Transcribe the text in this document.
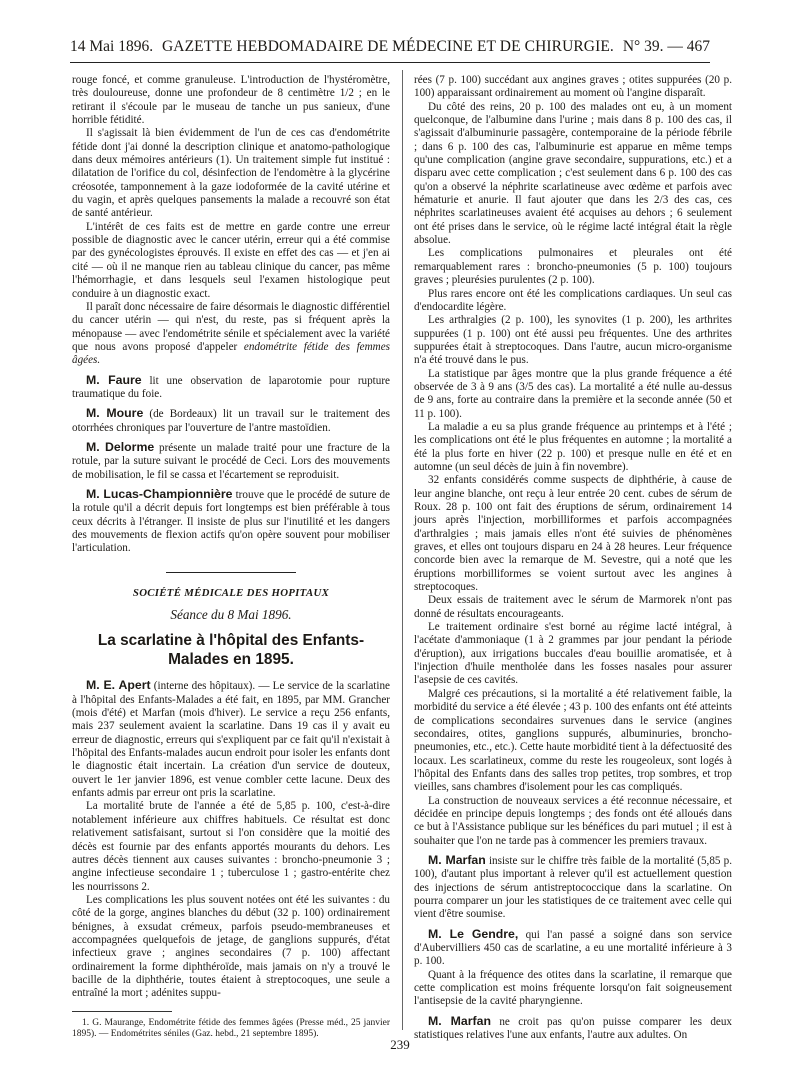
14 Mai 1896. GAZETTE HEBDOMADAIRE DE MÉDECINE ET DE CHIRURGIE. N° 39. — 467

rouge foncé, et comme granuleuse. L'introduction de l'hystéromètre, très douloureuse, donne une profondeur de 8 centimètre 1/2 ; en le retirant il s'écoule par le museau de tanche un pus sanieux, d'une horrible fétidité.

Il s'agissait là bien évidemment de l'un de ces cas d'endométrite fétide dont j'ai donné la description clinique et anatomo-pathologique dans deux mémoires antérieurs (1). Un traitement simple fut institué : dilatation de l'orifice du col, désinfection de l'endomètre à la glycérine créosotée, tamponnement à la gaze iodoformée de la cavité utérine et du vagin, et après quelques pansements la malade a recouvré son état de santé antérieur.

L'intérêt de ces faits est de mettre en garde contre une erreur possible de diagnostic avec le cancer utérin, erreur qui a été commise par des gynécologistes éprouvés. Il existe en effet des cas — et j'en ai cité — où il ne manque rien au tableau clinique du cancer, pas même l'hémorrhagie, et dans lesquels seul l'examen histologique peut conduire à un diagnostic exact.

Il paraît donc nécessaire de faire désormais le diagnostic différentiel du cancer utérin — qui n'est, du reste, pas si fréquent après la ménopause — avec l'endométrite sénile et spécialement avec la variété que nous avons proposé d'appeler endométrite fétide des femmes âgées.

M. Faure lit une observation de laparotomie pour rupture traumatique du foie.

M. Moure (de Bordeaux) lit un travail sur le traitement des otorrhées chroniques par l'ouverture de l'antre mastoïdien.

M. Delorme présente un malade traité pour une fracture de la rotule, par la suture suivant le procédé de Ceci. Lors des mouvements de mobilisation, le fil se cassa et l'écartement se reproduisit.

M. Lucas-Championnière trouve que le procédé de suture de la rotule qu'il a décrit depuis fort longtemps est bien préférable à tous ceux décrits à l'étranger. Il insiste de plus sur l'inutilité et les dangers des mouvements de flexion actifs qu'on opère souvent pour mobiliser l'articulation.

SOCIÉTÉ MÉDICALE DES HOPITAUX

Séance du 8 Mai 1896.

La scarlatine à l'hôpital des Enfants-Malades en 1895.

M. E. Apert (interne des hôpitaux). — Le service de la scarlatine à l'hôpital des Enfants-Malades a été fait, en 1895, par MM. Grancher (mois d'été) et Marfan (mois d'hiver). Le service a reçu 256 enfants, mais 237 seulement avaient la scarlatine. Dans 19 cas il y avait eu erreur de diagnostic, erreurs qui s'expliquent par ce fait qu'il n'existait à l'hôpital des Enfants-malades aucun endroit pour isoler les enfants dont le diagnostic était incertain. La création d'un service de douteux, ouvert le 1er janvier 1896, est venue combler cette lacune. Deux des enfants admis par erreur ont pris la scarlatine.

La mortalité brute de l'année a été de 5,85 p. 100, c'est-à-dire notablement inférieure aux chiffres habituels. Ce résultat est donc relativement satisfaisant, surtout si l'on considère que la moitié des décès est fournie par des enfants apportés mourants du dehors. Les autres décès tiennent aux causes suivantes : broncho-pneumonie 3 ; angine infectieuse secondaire 1 ; tuberculose 1 ; gastro-entérite chez les nourrissons 2.

Les complications les plus souvent notées ont été les suivantes : du côté de la gorge, angines blanches du début (32 p. 100) ordinairement bénignes, à exsudat crémeux, parfois pseudo-membraneuses et accompagnées quelquefois de jetage, de ganglions suppurés, d'état infectieux grave ; angines secondaires (7 p. 100) affectant ordinairement la forme diphthéroïde, mais jamais on n'y a trouvé le bacille de la diphthérie, toutes étaient à streptocoques, une seule a entraîné la mort ; adénites suppu-

1. G. Maurange, Endométrite fétide des femmes âgées (Presse méd., 25 janvier 1895). — Endométrites séniles (Gaz. hebd., 21 septembre 1895).

rées (7 p. 100) succédant aux angines graves ; otites suppurées (20 p. 100) apparaissant ordinairement au moment où l'angine disparaît.

Du côté des reins, 20 p. 100 des malades ont eu, à un moment quelconque, de l'albumine dans l'urine ; mais dans 8 p. 100 des cas, il s'agissait d'albuminurie passagère, contemporaine de la période fébrile ; dans 6 p. 100 des cas, l'albuminurie est apparue en même temps qu'une complication (angine grave secondaire, suppurations, etc.) et a disparu avec cette complication ; c'est seulement dans 6 p. 100 des cas qu'on a observé la néphrite scarlatineuse avec œdème et parfois avec hématurie et anurie. Il faut ajouter que dans les 2/3 des cas, ces néphrites scarlatineuses avaient été acquises au dehors ; 6 seulement ont été prises dans le service, où le régime lacté intégral était la règle absolue.

Les complications pulmonaires et pleurales ont été remarquablement rares : broncho-pneumonies (5 p. 100) toujours graves ; pleurésies purulentes (2 p. 100).

Plus rares encore ont été les complications cardiaques. Un seul cas d'endocardite légère.

Les arthralgies (2 p. 100), les synovites (1 p. 200), les arthrites suppurées (1 p. 100) ont été aussi peu fréquentes. Une des arthrites suppurées était à streptocoques. Dans l'autre, aucun micro-organisme n'a été trouvé dans le pus.

La statistique par âges montre que la plus grande fréquence a été observée de 3 à 9 ans (3/5 des cas). La mortalité a été nulle au-dessus de 9 ans, forte au contraire dans la première et la seconde année (50 et 11 p. 100).

La maladie a eu sa plus grande fréquence au printemps et à l'été ; les complications ont été le plus fréquentes en automne ; la mortalité a été la plus forte en hiver (22 p. 100) et presque nulle en été et en automne (un seul décès de juin à fin novembre).

32 enfants considérés comme suspects de diphthérie, à cause de leur angine blanche, ont reçu à leur entrée 20 cent. cubes de sérum de Roux. 28 p. 100 ont fait des éruptions de sérum, ordinairement 14 jours après l'injection, morbilliformes et parfois accompagnées d'arthralgies ; mais jamais elles n'ont été suivies de phénomènes graves, et elles ont toujours disparu en 24 à 28 heures. Leur fréquence concorde bien avec la remarque de M. Sevestre, qui a noté que les éruptions morbilliformes se voient surtout avec les angines à streptocoques.

Deux essais de traitement avec le sérum de Marmorek n'ont pas donné de résultats encourageants.

Le traitement ordinaire s'est borné au régime lacté intégral, à l'acétate d'ammoniaque (1 à 2 grammes par jour pendant la période d'éruption), aux irrigations buccales d'eau bouillie aromatisée, et à l'injection d'huile mentholée dans les fosses nasales pour assurer l'asepsie de ces cavités.

Malgré ces précautions, si la mortalité a été relativement faible, la morbidité du service a été élevée ; 43 p. 100 des enfants ont été atteints de complications secondaires survenues dans le service (angines secondaires, otites, ganglions suppurés, albuminuries, broncho-pneumonies, etc., etc.). Cette haute morbidité tient à la défectuosité des locaux. Les scarlatineux, comme du reste les rougeoleux, sont logés à l'hôpital des Enfants dans des salles trop petites, trop sombres, et trop vieilles, sans chambres d'isolement pour les cas compliqués.

La construction de nouveaux services a été reconnue nécessaire, et décidée en principe depuis longtemps ; des fonds ont été alloués dans ce but à l'Assistance publique sur les bénéfices du pari mutuel ; il est à souhaiter que l'on ne tarde pas à commencer les premiers travaux.

M. Marfan insiste sur le chiffre très faible de la mortalité (5,85 p. 100), d'autant plus important à relever qu'il est actuellement question des injections de sérum antistreptococcique dans la scarlatine. On pourra comparer un jour les statistiques de ce traitement avec celle qui vient d'être soumise.

M. Le Gendre, qui l'an passé a soigné dans son service d'Aubervilliers 450 cas de scarlatine, a eu une mortalité inférieure à 3 p. 100.

Quant à la fréquence des otites dans la scarlatine, il remarque que cette complication est moins fréquente lorsqu'on fait soigneusement l'antisepsie de la cavité pharyngienne.

M. Marfan ne croit pas qu'on puisse comparer les deux statistiques relatives l'une aux enfants, l'autre aux adultes. On

239
